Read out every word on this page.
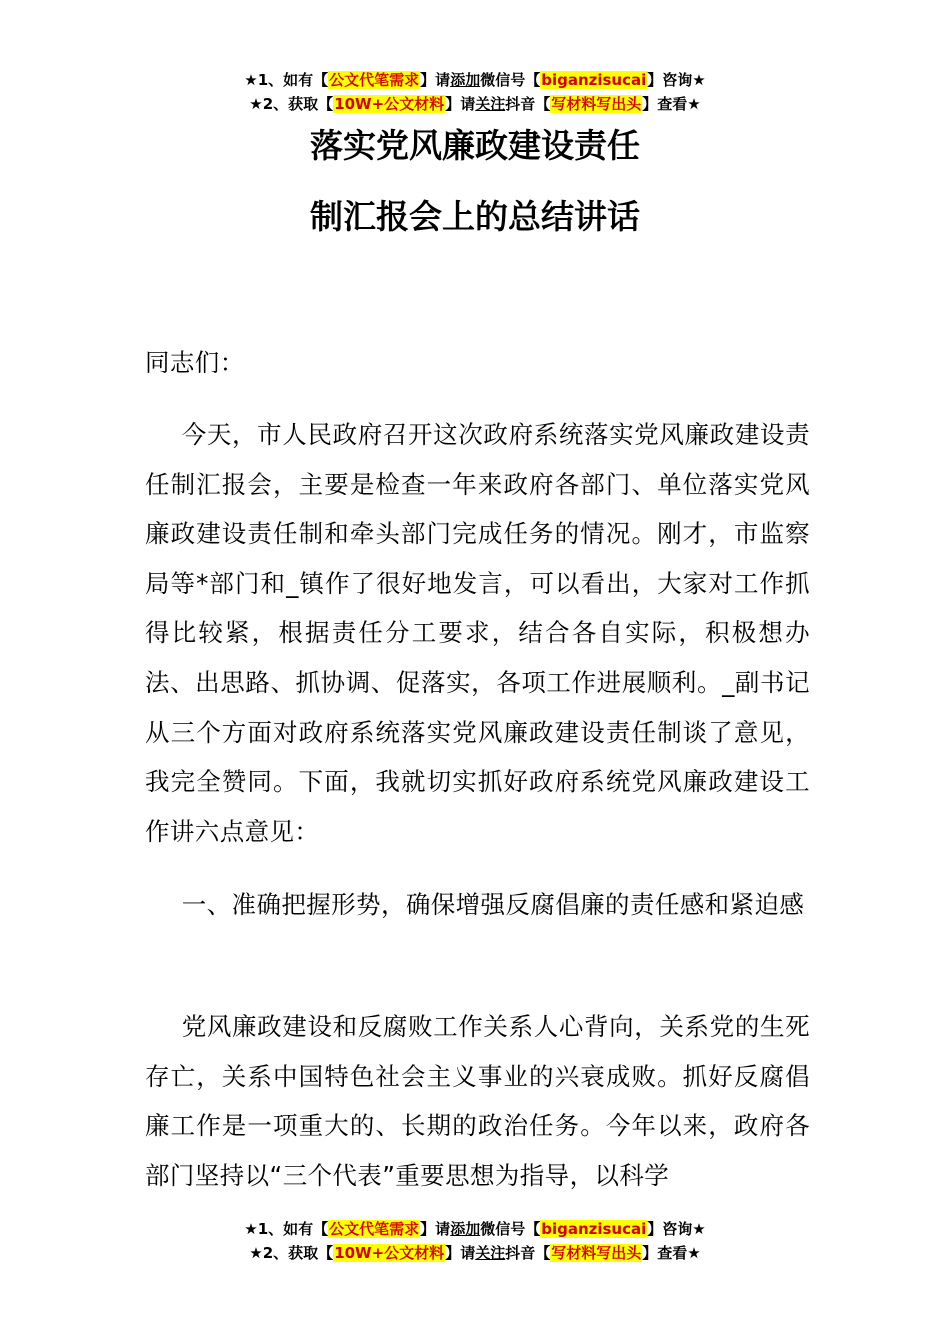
★1、如有【公文代笔需求】请添加微信号【biganzisucai】咨询★
★2、获取【10W+公文材料】请关注抖音【写材料写出头】查看★
落实党风廉政建设责任
制汇报会上的总结讲话

同志们：

今天，市人民政府召开这次政府系统落实党风廉政建设责任制汇报会，主要是检查一年来政府各部门、单位落实党风廉政建设责任制和牵头部门完成任务的情况。刚才，市监察局等*部门和_镇作了很好地发言，可以看出，大家对工作抓得比较紧，根据责任分工要求，结合各自实际，积极想办法、出思路、抓协调、促落实，各项工作进展顺利。_副书记从三个方面对政府系统落实党风廉政建设责任制谈了意见，我完全赞同。下面，我就切实抓好政府系统党风廉政建设工作讲六点意见：

一、准确把握形势，确保增强反腐倡廉的责任感和紧迫感

党风廉政建设和反腐败工作关系人心背向，关系党的生死存亡，关系中国特色社会主义事业的兴衰成败。抓好反腐倡廉工作是一项重大的、长期的政治任务。今年以来，政府各部门坚持以“三个代表”重要思想为指导，以科学

★1、如有【公文代笔需求】请添加微信号【biganzisucai】咨询★
★2、获取【10W+公文材料】请关注抖音【写材料写出头】查看★
